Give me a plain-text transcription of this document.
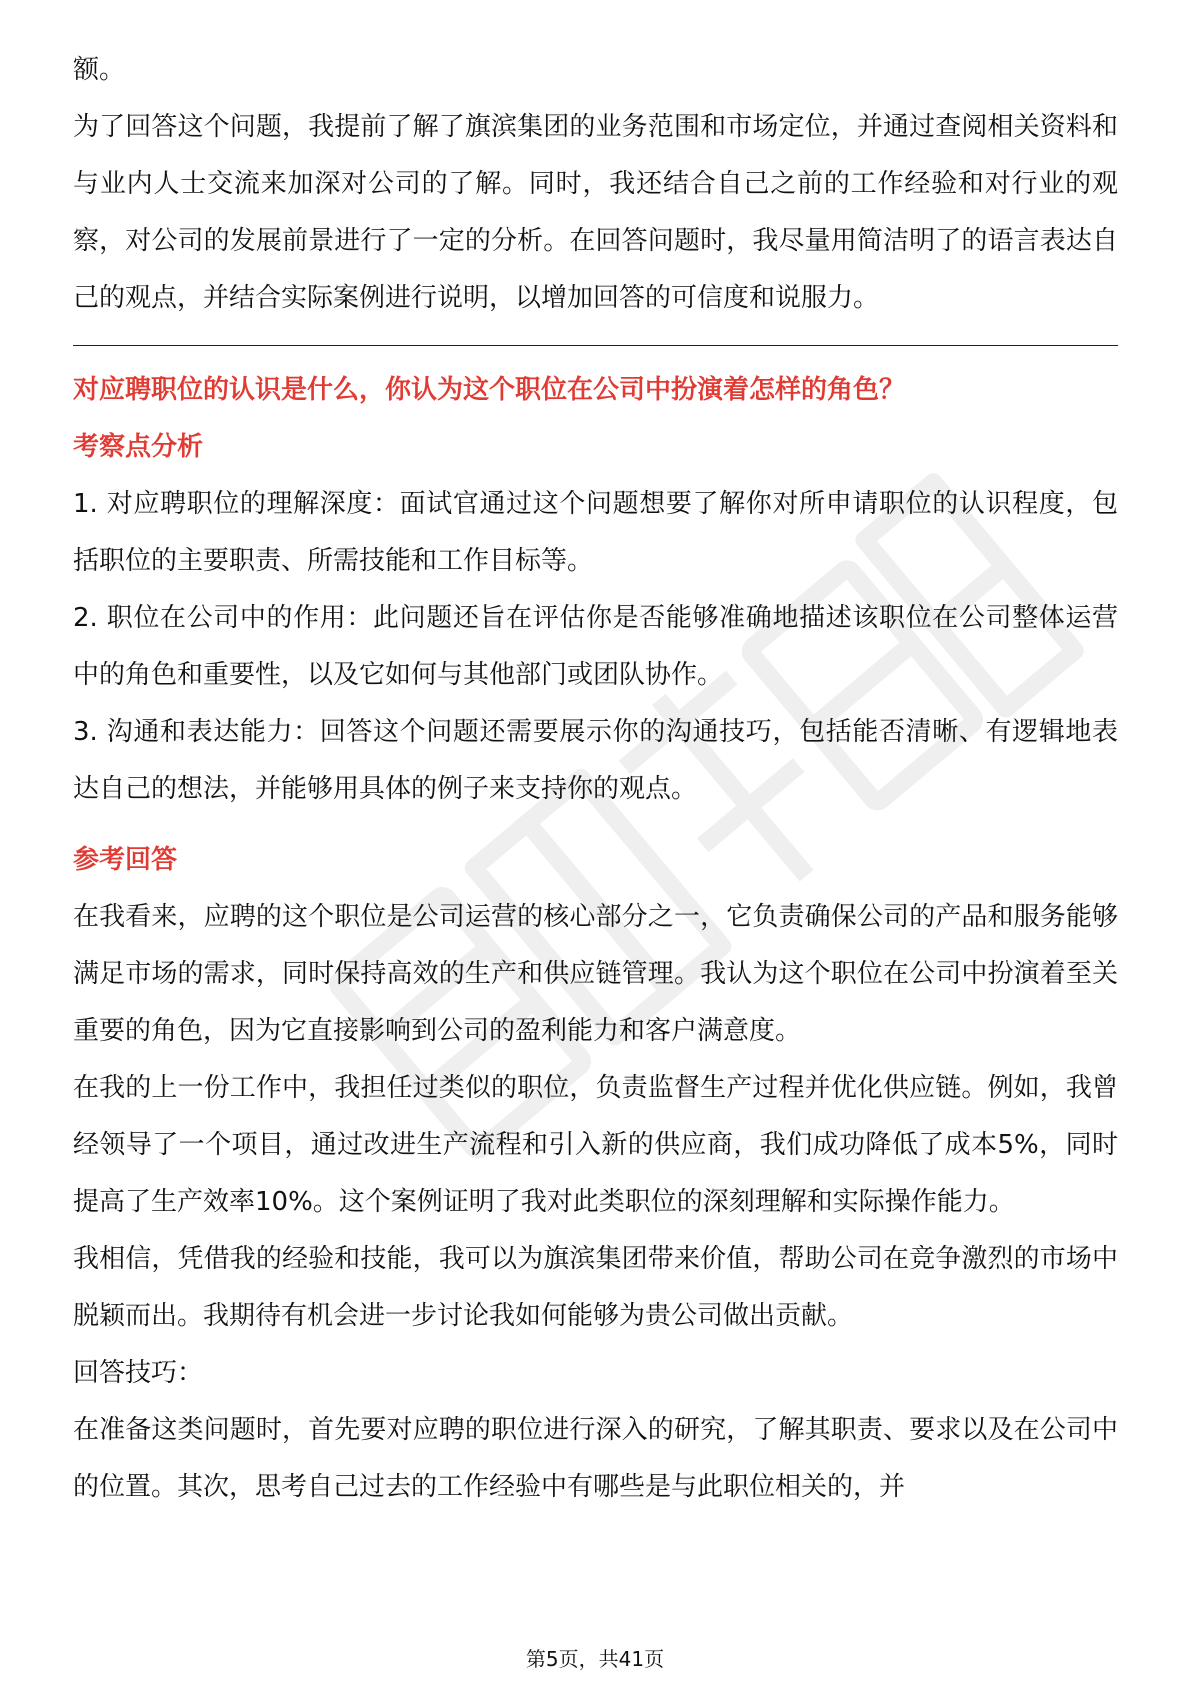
额。

为了回答这个问题，我提前了解了旗滨集团的业务范围和市场定位，并通过查阅相关资料和与业内人士交流来加深对公司的了解。同时，我还结合自己之前的工作经验和对行业的观察，对公司的发展前景进行了一定的分析。在回答问题时，我尽量用简洁明了的语言表达自己的观点，并结合实际案例进行说明，以增加回答的可信度和说服力。

对应聘职位的认识是什么，你认为这个职位在公司中扮演着怎样的角色？

考察点分析

1. 对应聘职位的理解深度：面试官通过这个问题想要了解你对所申请职位的认识程度，包括职位的主要职责、所需技能和工作目标等。

2. 职位在公司中的作用：此问题还旨在评估你是否能够准确地描述该职位在公司整体运营中的角色和重要性，以及它如何与其他部门或团队协作。

3. 沟通和表达能力：回答这个问题还需要展示你的沟通技巧，包括能否清晰、有逻辑地表达自己的想法，并能够用具体的例子来支持你的观点。

参考回答

在我看来，应聘的这个职位是公司运营的核心部分之一，它负责确保公司的产品和服务能够满足市场的需求，同时保持高效的生产和供应链管理。我认为这个职位在公司中扮演着至关重要的角色，因为它直接影响到公司的盈利能力和客户满意度。

在我的上一份工作中，我担任过类似的职位，负责监督生产过程并优化供应链。例如，我曾经领导了一个项目，通过改进生产流程和引入新的供应商，我们成功降低了成本5%，同时提高了生产效率10%。这个案例证明了我对此类职位的深刻理解和实际操作能力。

我相信，凭借我的经验和技能，我可以为旗滨集团带来价值，帮助公司在竞争激烈的市场中脱颖而出。我期待有机会进一步讨论我如何能够为贵公司做出贡献。

回答技巧：

在准备这类问题时，首先要对应聘的职位进行深入的研究，了解其职责、要求以及在公司中的位置。其次，思考自己过去的工作经验中有哪些是与此职位相关的，并

第5页，共41页
